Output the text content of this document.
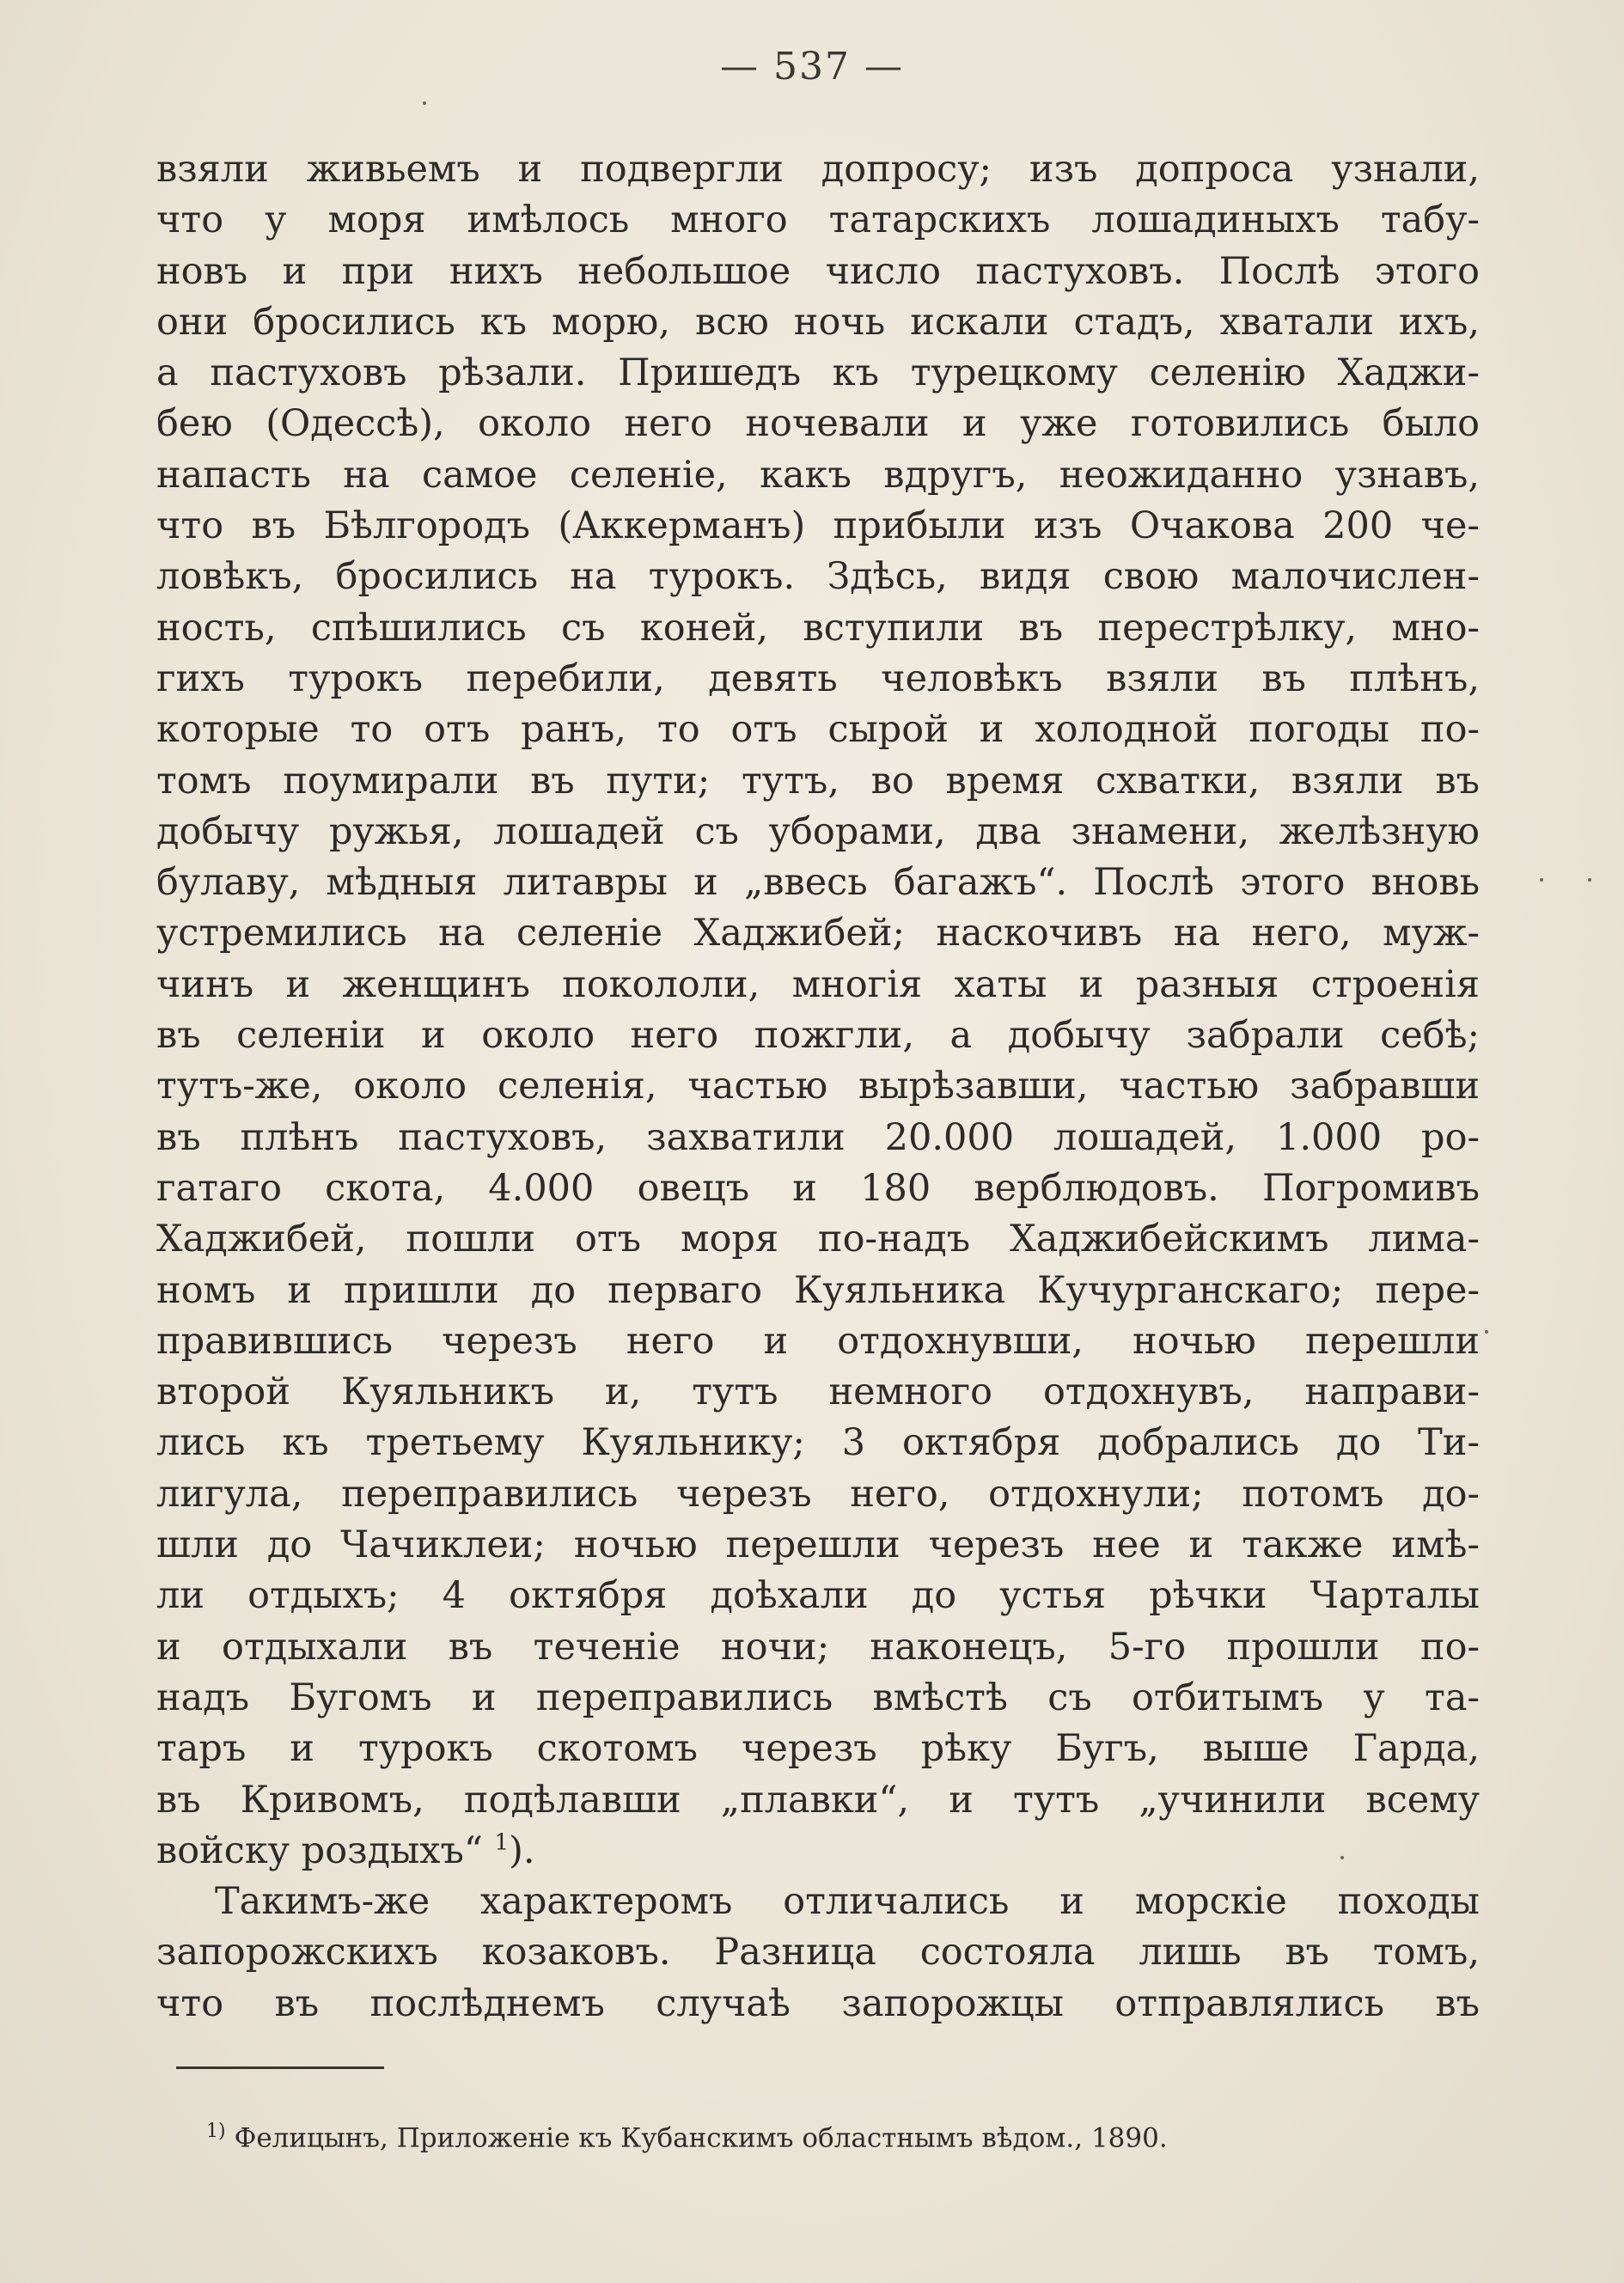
— 537 —
взяли живьемъ и подвергли допросу; изъ допроса узнали,
что у моря имѣлось много татарскихъ лошадиныхъ табу-
новъ и при нихъ небольшое число пастуховъ. Послѣ этого
они бросились къ морю, всю ночь искали стадъ, хватали ихъ,
а пастуховъ рѣзали. Пришедъ къ турецкому селенію Хаджи-
бею (Одессѣ), около него ночевали и уже готовились было
напасть на самое селеніе, какъ вдругъ, неожиданно узнавъ,
что въ Бѣлгородъ (Аккерманъ) прибыли изъ Очакова 200 че-
ловѣкъ, бросились на турокъ. Здѣсь, видя свою малочислен-
ность, спѣшились съ коней, вступили въ перестрѣлку, мно-
гихъ турокъ перебили, девять человѣкъ взяли въ плѣнъ,
которые то отъ ранъ, то отъ сырой и холодной погоды по-
томъ поумирали въ пути; тутъ, во время схватки, взяли въ
добычу ружья, лошадей съ уборами, два знамени, желѣзную
булаву, мѣдныя литавры и „ввесь багажъ“. Послѣ этого вновь
устремились на селеніе Хаджибей; наскочивъ на него, муж-
чинъ и женщинъ покололи, многія хаты и разныя строенія
въ селеніи и около него пожгли, а добычу забрали себѣ;
тутъ-же, около селенія, частью вырѣзавши, частью забравши
въ плѣнъ пастуховъ, захватили 20.000 лошадей, 1.000 ро-
гатаго скота, 4.000 овецъ и 180 верблюдовъ. Погромивъ
Хаджибей, пошли отъ моря по-надъ Хаджибейскимъ лима-
номъ и пришли до перваго Куяльника Кучурганскаго; пере-
правившись черезъ него и отдохнувши, ночью перешли
второй Куяльникъ и, тутъ немного отдохнувъ, направи-
лись къ третьему Куяльнику; 3 октября добрались до Ти-
лигула, переправились черезъ него, отдохнули; потомъ до-
шли до Чачиклеи; ночью перешли черезъ нее и также имѣ-
ли отдыхъ; 4 октября доѣхали до устья рѣчки Чарталы
и отдыхали въ теченіе ночи; наконецъ, 5-го прошли по-
надъ Бугомъ и переправились вмѣстѣ съ отбитымъ у та-
таръ и турокъ скотомъ черезъ рѣку Бугъ, выше Гарда,
въ Кривомъ, подѣлавши „плавки“, и тутъ „учинили всему
войску роздыхъ“ $^1$).
Такимъ-же характеромъ отличались и морскіе походы
запорожскихъ козаковъ. Разница состояла лишь въ томъ,
что въ послѣднемъ случаѣ запорожцы отправлялись въ
$^{1)}$ Фелицынъ, Приложеніе къ Кубанскимъ областнымъ вѣдом., 1890.
